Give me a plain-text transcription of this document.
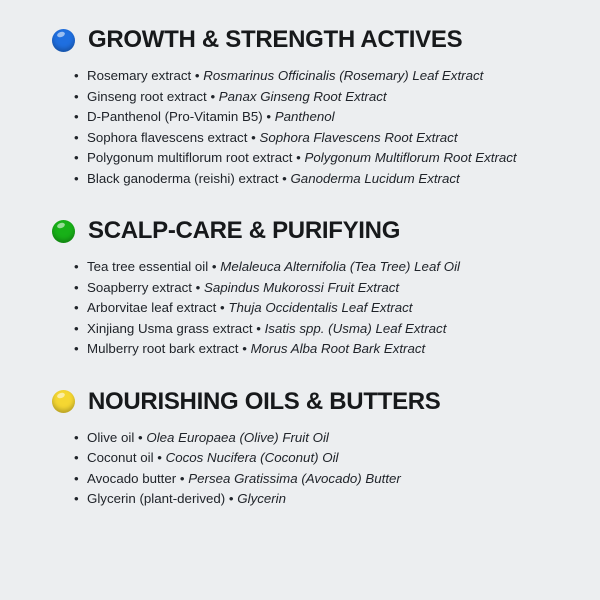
GROWTH & STRENGTH ACTIVES
• Rosemary extract • Rosmarinus Officinalis (Rosemary) Leaf Extract
• Ginseng root extract • Panax Ginseng Root Extract
• D-Panthenol (Pro-Vitamin B5) • Panthenol
• Sophora flavescens extract • Sophora Flavescens Root Extract
• Polygonum multiflorum root extract • Polygonum Multiflorum Root Extract
• Black ganoderma (reishi) extract • Ganoderma Lucidum Extract
SCALP-CARE & PURIFYING
• Tea tree essential oil • Melaleuca Alternifolia (Tea Tree) Leaf Oil
• Soapberry extract • Sapindus Mukorossi Fruit Extract
• Arborvitae leaf extract • Thuja Occidentalis Leaf Extract
• Xinjiang Usma grass extract • Isatis spp. (Usma) Leaf Extract
• Mulberry root bark extract • Morus Alba Root Bark Extract
NOURISHING OILS & BUTTERS
• Olive oil • Olea Europaea (Olive) Fruit Oil
• Coconut oil • Cocos Nucifera (Coconut) Oil
• Avocado butter • Persea Gratissima (Avocado) Butter
• Glycerin (plant-derived) • Glycerin
